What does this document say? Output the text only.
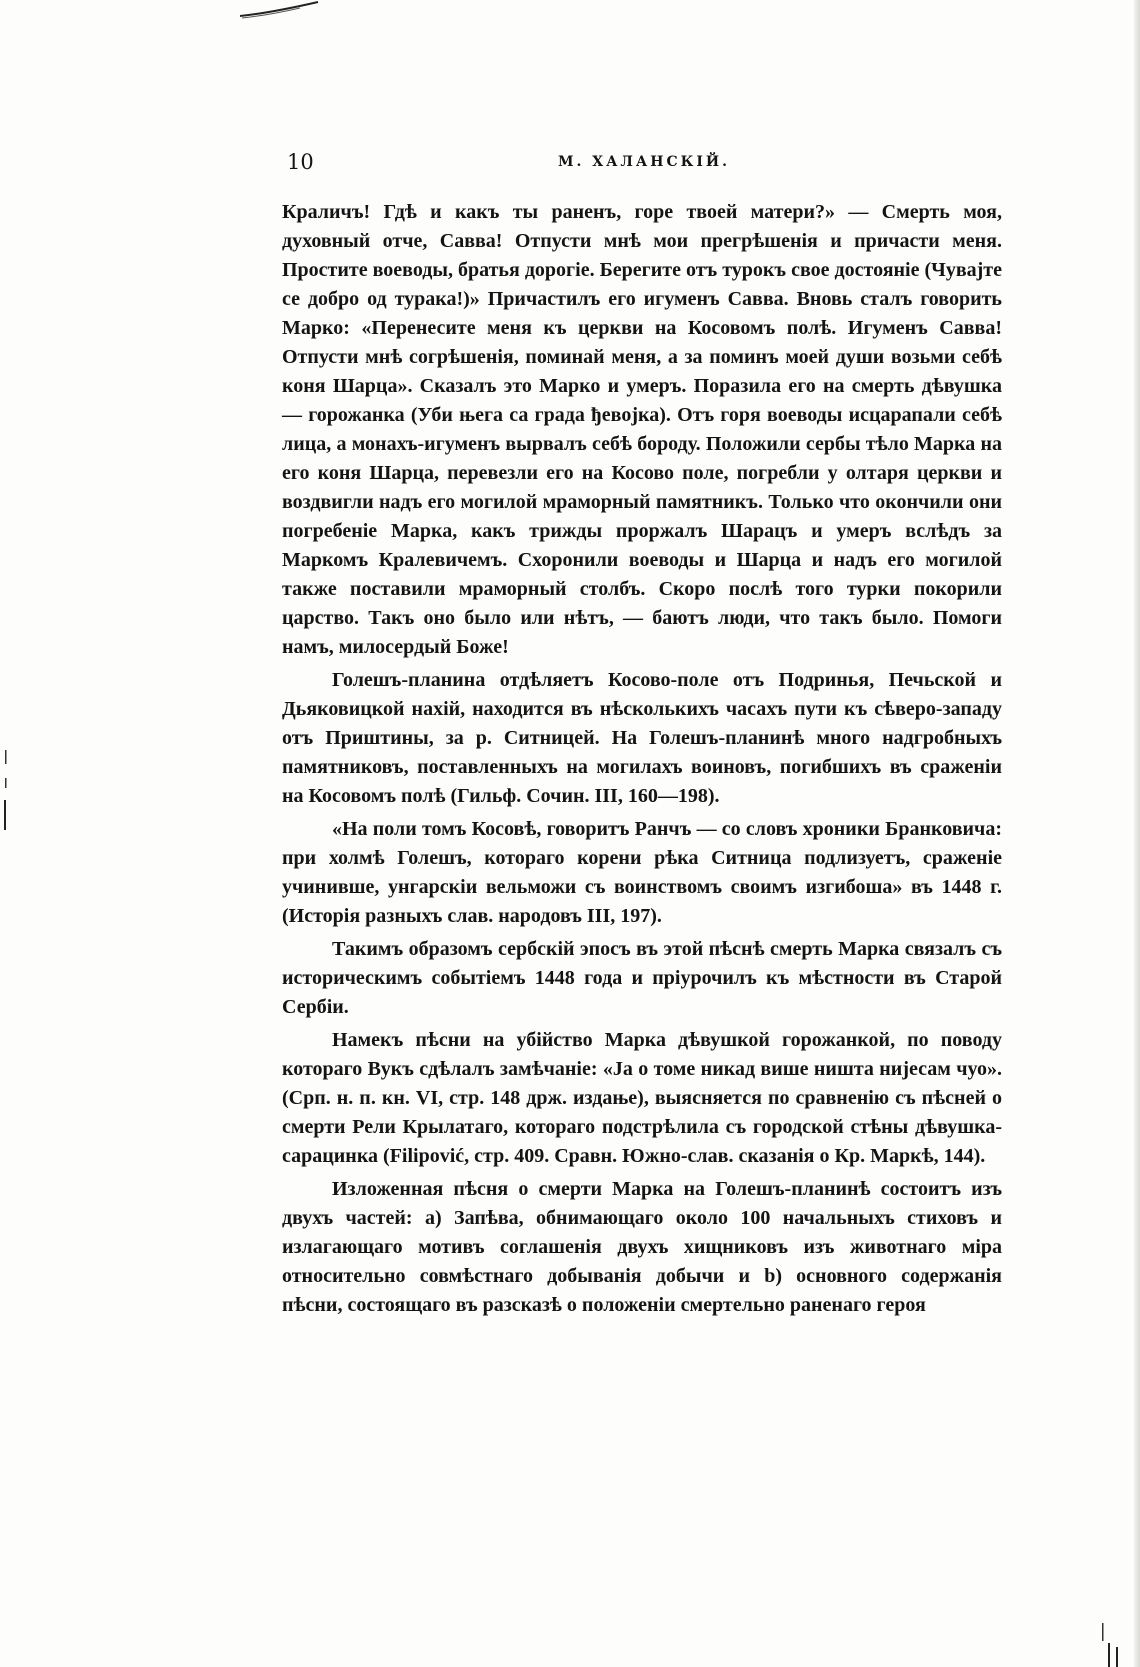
10	М. ХАЛАНСКІЙ.

Краличъ! Гдѣ и какъ ты раненъ, горе твоей матери?» — Смерть моя, духовный отче, Савва! Отпусти мнѣ мои прегрѣшенія и причасти меня. Простите воеводы, братья дорогіе. Берегите отъ турокъ свое достояніе (Чувајте се добро од турака!)» Причастилъ его игуменъ Савва. Вновь сталъ говорить Марко: «Перенесите меня къ церкви на Косовомъ полѣ. Игуменъ Савва! Отпусти мнѣ согрѣшенія, поминай меня, а за поминъ моей души возьми себѣ коня Шарца». Сказалъ это Марко и умеръ. Поразила его на смерть дѣвушка — горожанка (Уби њега са града ђевојка). Отъ горя воеводы исцарапали себѣ лица, а монахъ-игуменъ вырвалъ себѣ бороду. Положили сербы тѣло Марка на его коня Шарца, перевезли его на Косово поле, погребли у олтаря церкви и воздвигли надъ его могилой мраморный памятникъ. Только что окончили они погребеніе Марка, какъ трижды проржалъ Шарацъ и умеръ вслѣдъ за Маркомъ Кралевичемъ. Схоронили воеводы и Шарца и надъ его могилой также поставили мраморный столбъ. Скоро послѣ того турки покорили царство. Такъ оно было или нѣтъ, — баютъ люди, что такъ было. Помоги намъ, милосердый Боже!

Голешъ-планина отдѣляетъ Косово-поле отъ Подринья, Печьской и Дьяковицкой нахій, находится въ нѣсколькихъ часахъ пути къ сѣверо-западу отъ Приштины, за р. Ситницей. На Голешъ-планинѣ много надгробныхъ памятниковъ, поставленныхъ на могилахъ воиновъ, погибшихъ въ сраженіи на Косовомъ полѣ (Гильф. Сочин. III, 160—198).

«На поли томъ Косовѣ, говоритъ Ранчъ — со словъ хроники Бранковича: при холмѣ Голешъ, котораго корени рѣка Ситница подлизуетъ, сраженіе учинивше, унгарскіи вельможи съ воинствомъ своимъ изгибоша» въ 1448 г. (Исторія разныхъ слав. народовъ III, 197).

Такимъ образомъ сербскій эпосъ въ этой пѣснѣ смерть Марка связалъ съ историческимъ событіемъ 1448 года и пріурочилъ къ мѣстности въ Старой Сербіи.

Намекъ пѣсни на убійство Марка дѣвушкой горожанкой, по поводу котораго Вукъ сдѣлалъ замѣчаніе: «Ја о томе никад више ништа нијесам чуо». (Срп. н. п. кн. VI, стр. 148 држ. издање), выясняется по сравненію съ пѣсней о смерти Рели Крылатаго, котораго подстрѣлила съ городской стѣны дѣвушка-сарацинка (Filipović, стр. 409. Сравн. Южно-слав. сказанія о Кр. Маркѣ, 144).

Изложенная пѣсня о смерти Марка на Голешъ-планинѣ состоитъ изъ двухъ частей: а) Запѣва, обнимающаго около 100 начальныхъ стиховъ и излагающаго мотивъ соглашенія двухъ хищниковъ изъ животнаго міра относительно совмѣстнаго добыванія добычи и b) основного содержанія пѣсни, состоящаго въ разсказѣ о положеніи смертельно раненаго героя
